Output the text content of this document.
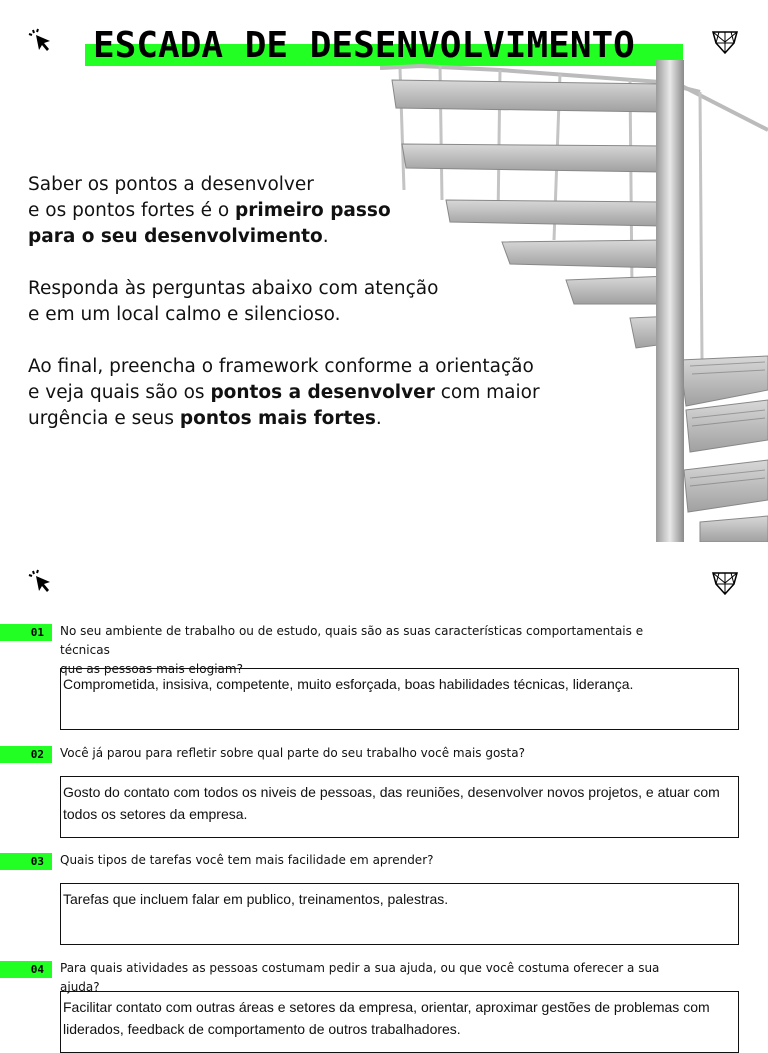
ESCADA DE DESENVOLVIMENTO

Saber os pontos a desenvolver
e os pontos fortes é o primeiro passo
para o seu desenvolvimento.

Responda às perguntas abaixo com atenção
e em um local calmo e silencioso.

Ao final, preencha o framework conforme a orientação
e veja quais são os pontos a desenvolver com maior
urgência e seus pontos mais fortes.

01	No seu ambiente de trabalho ou de estudo, quais são as suas características comportamentais e técnicas
que as pessoas mais elogiam?
Comprometida, insisiva, competente, muito esforçada, boas habilidades técnicas, liderança.
02	Você já parou para refletir sobre qual parte do seu trabalho você mais gosta?
Gosto do contato com todos os niveis de pessoas, das reuniões, desenvolver novos projetos, e atuar com todos os setores da empresa.
03	Quais tipos de tarefas você tem mais facilidade em aprender?
Tarefas que incluem falar em publico, treinamentos, palestras.
04	Para quais atividades as pessoas costumam pedir a sua ajuda, ou que você costuma oferecer a sua ajuda?
Facilitar contato com outras áreas e setores da empresa, orientar, aproximar gestões de problemas com liderados, feedback de comportamento de outros trabalhadores.
